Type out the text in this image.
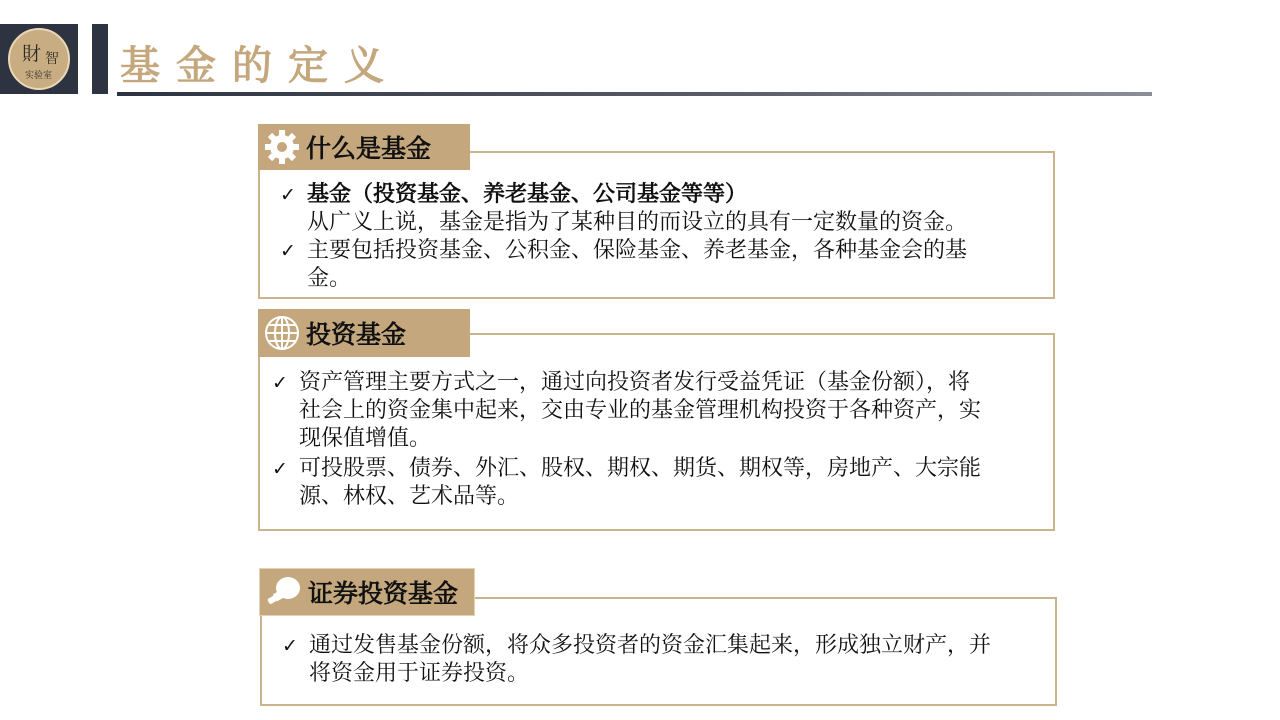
財 智
实验室 基金的定义
✓ 基金（投资基金、养老基金、公司基金等等）
从广义上说，基金是指为了某种目的而设立的具有一定数量的资金。
✓ 主要包括投资基金、公积金、保险基金、养老基金，各种基金会的基
金。
什么是基金
✓ 资产管理主要方式之一，通过向投资者发行受益凭证（基金份额），将
社会上的资金集中起来，交由专业的基金管理机构投资于各种资产，实
现保值增值。
✓ 可投股票、债券、外汇、股权、期权、期货、期权等，房地产、大宗能
源、林权、艺术品等。
投资基金
✓ 通过发售基金份额，将众多投资者的资金汇集起来，形成独立财产，并
将资金用于证券投资。
证券投资基金
